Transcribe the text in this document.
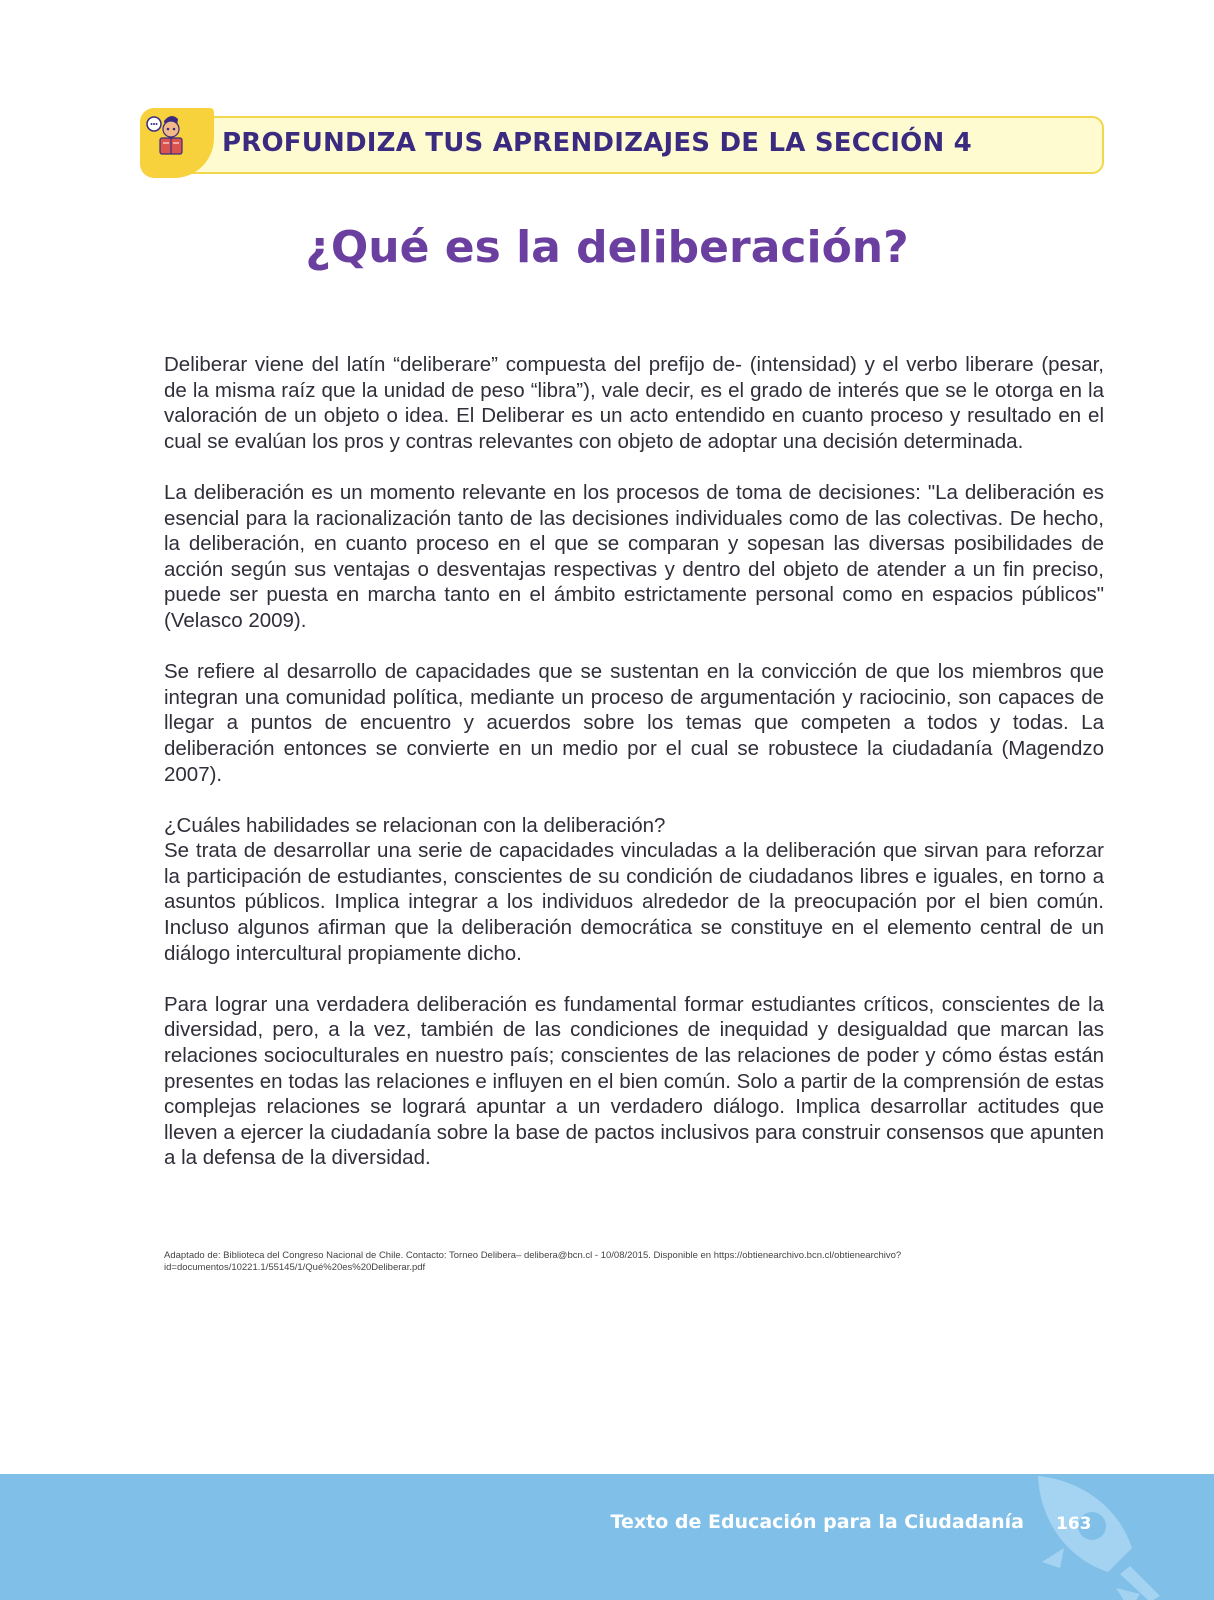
PROFUNDIZA TUS APRENDIZAJES DE LA SECCIÓN 4
¿Qué es la deliberación?

Deliberar viene del latín “deliberare” compuesta del prefijo de- (intensidad) y el verbo liberare (pesar, de la misma raíz que la unidad de peso “libra”), vale decir, es el grado de interés que se le otorga en la valoración de un objeto o idea. El Deliberar es un acto entendido en cuanto proceso y resultado en el cual se evalúan los pros y contras relevantes con objeto de adoptar una decisión determinada.

La deliberación es un momento relevante en los procesos de toma de decisiones: "La deliberación es esencial para la racionalización tanto de las decisiones individuales como de las colectivas. De hecho, la deliberación, en cuanto proceso en el que se comparan y sopesan las diversas posibilidades de acción según sus ventajas o desventajas respectivas y dentro del objeto de atender a un fin preciso, puede ser puesta en marcha tanto en el ámbito estrictamente personal como en espacios públicos" (Velasco 2009).

Se refiere al desarrollo de capacidades que se sustentan en la convicción de que los miembros que integran una comunidad política, mediante un proceso de argumentación y raciocinio, son capaces de llegar a puntos de encuentro y acuerdos sobre los temas que competen a todos y todas. La deliberación entonces se convierte en un medio por el cual se robustece la ciudadanía (Magendzo 2007).

¿Cuáles habilidades se relacionan con la deliberación?

Se trata de desarrollar una serie de capacidades vinculadas a la deliberación que sirvan para reforzar la participación de estudiantes, conscientes de su condición de ciudadanos libres e iguales, en torno a asuntos públicos. Implica integrar a los individuos alrededor de la preocupación por el bien común. Incluso algunos afirman que la deliberación democrática se constituye en el elemento central de un diálogo intercultural propiamente dicho.

Para lograr una verdadera deliberación es fundamental formar estudiantes críticos, conscientes de la diversidad, pero, a la vez, también de las condiciones de inequidad y desigualdad que marcan las relaciones socioculturales en nuestro país; conscientes de las relaciones de poder y cómo éstas están presentes en todas las relaciones e influyen en el bien común. Solo a partir de la comprensión de estas complejas relaciones se logrará apuntar a un verdadero diálogo. Implica desarrollar actitudes que lleven a ejercer la ciudadanía sobre la base de pactos inclusivos para construir consensos que apunten a la defensa de la diversidad.

Adaptado de: Biblioteca del Congreso Nacional de Chile. Contacto: Torneo Delibera– delibera@bcn.cl - 10/08/2015. Disponible en https://obtienearchivo.bcn.cl/obtienearchivo?id=documentos/10221.1/55145/1/Qué%20es%20Deliberar.pdf
Texto de Educación para la Ciudadanía 163
